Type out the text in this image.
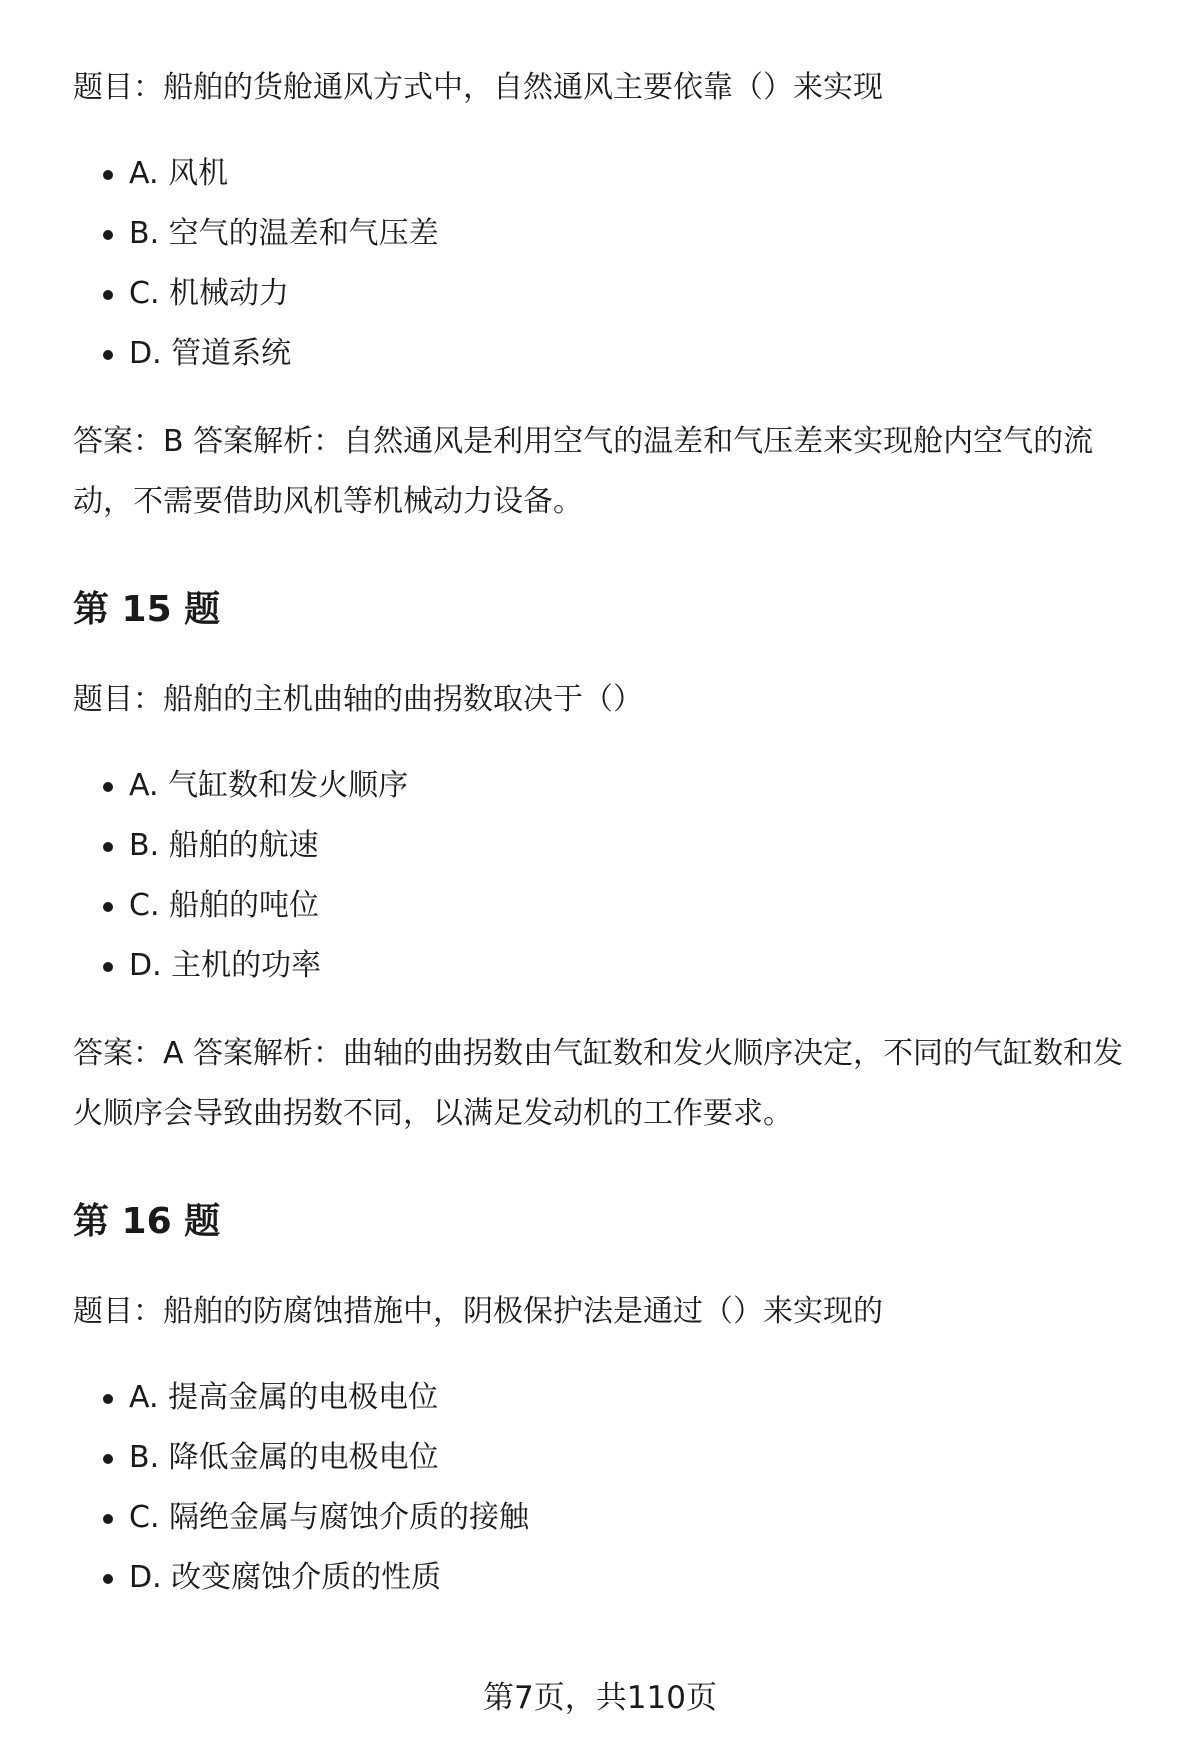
题目：船舶的货舱通风方式中，自然通风主要依靠（）来实现

A. 风机
B. 空气的温差和气压差
C. 机械动力
D. 管道系统

答案：B 答案解析：自然通风是利用空气的温差和气压差来实现舱内空气的流动，不需要借助风机等机械动力设备。

第 15 题

题目：船舶的主机曲轴的曲拐数取决于（）

A. 气缸数和发火顺序
B. 船舶的航速
C. 船舶的吨位
D. 主机的功率

答案：A 答案解析：曲轴的曲拐数由气缸数和发火顺序决定，不同的气缸数和发火顺序会导致曲拐数不同，以满足发动机的工作要求。

第 16 题

题目：船舶的防腐蚀措施中，阴极保护法是通过（）来实现的

A. 提高金属的电极电位
B. 降低金属的电极电位
C. 隔绝金属与腐蚀介质的接触
D. 改变腐蚀介质的性质
第7页，共110页
